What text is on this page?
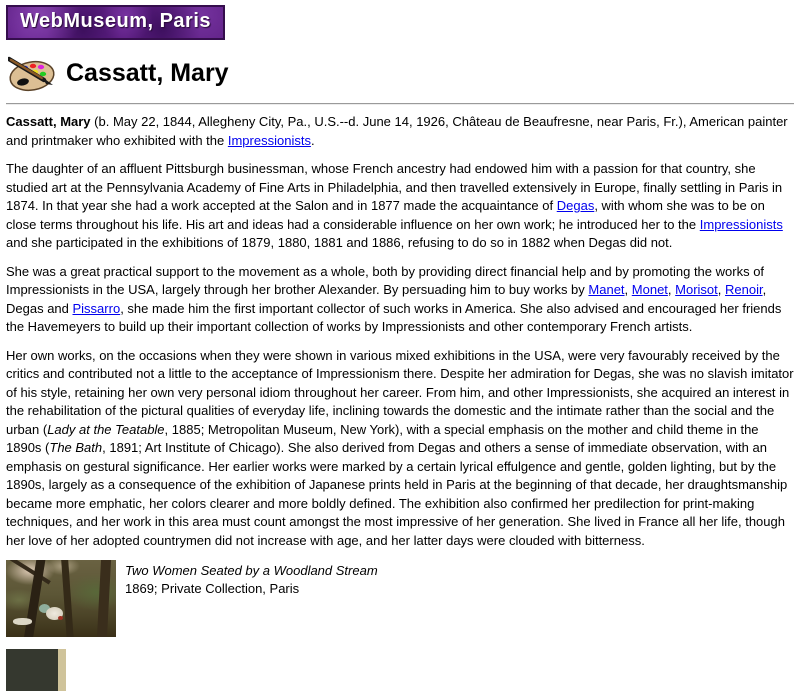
WebMuseum, Paris
Cassatt, Mary

Cassatt, Mary (b. May 22, 1844, Allegheny City, Pa., U.S.--d. June 14, 1926, Château de Beaufresne, near Paris, Fr.), American painter and printmaker who exhibited with the Impressionists.

The daughter of an affluent Pittsburgh businessman, whose French ancestry had endowed him with a passion for that country, she studied art at the Pennsylvania Academy of Fine Arts in Philadelphia, and then travelled extensively in Europe, finally settling in Paris in 1874. In that year she had a work accepted at the Salon and in 1877 made the acquaintance of Degas, with whom she was to be on close terms throughout his life. His art and ideas had a considerable influence on her own work; he introduced her to the Impressionists and she participated in the exhibitions of 1879, 1880, 1881 and 1886, refusing to do so in 1882 when Degas did not.

She was a great practical support to the movement as a whole, both by providing direct financial help and by promoting the works of Impressionists in the USA, largely through her brother Alexander. By persuading him to buy works by Manet, Monet, Morisot, Renoir, Degas and Pissarro, she made him the first important collector of such works in America. She also advised and encouraged her friends the Havemeyers to build up their important collection of works by Impressionists and other contemporary French artists.

Her own works, on the occasions when they were shown in various mixed exhibitions in the USA, were very favourably received by the critics and contributed not a little to the acceptance of Impressionism there. Despite her admiration for Degas, she was no slavish imitator of his style, retaining her own very personal idiom throughout her career. From him, and other Impressionists, she acquired an interest in the rehabilitation of the pictural qualities of everyday life, inclining towards the domestic and the intimate rather than the social and the urban (Lady at the Teatable, 1885; Metropolitan Museum, New York), with a special emphasis on the mother and child theme in the 1890s (The Bath, 1891; Art Institute of Chicago). She also derived from Degas and others a sense of immediate observation, with an emphasis on gestural significance. Her earlier works were marked by a certain lyrical effulgence and gentle, golden lighting, but by the 1890s, largely as a consequence of the exhibition of Japanese prints held in Paris at the beginning of that decade, her draughtsmanship became more emphatic, her colors clearer and more boldly defined. The exhibition also confirmed her predilection for print-making techniques, and her work in this area must count amongst the most impressive of her generation. She lived in France all her life, though her love of her adopted countrymen did not increase with age, and her latter days were clouded with bitterness.

Two Women Seated by a Woodland Stream
1869; Private Collection, Paris
